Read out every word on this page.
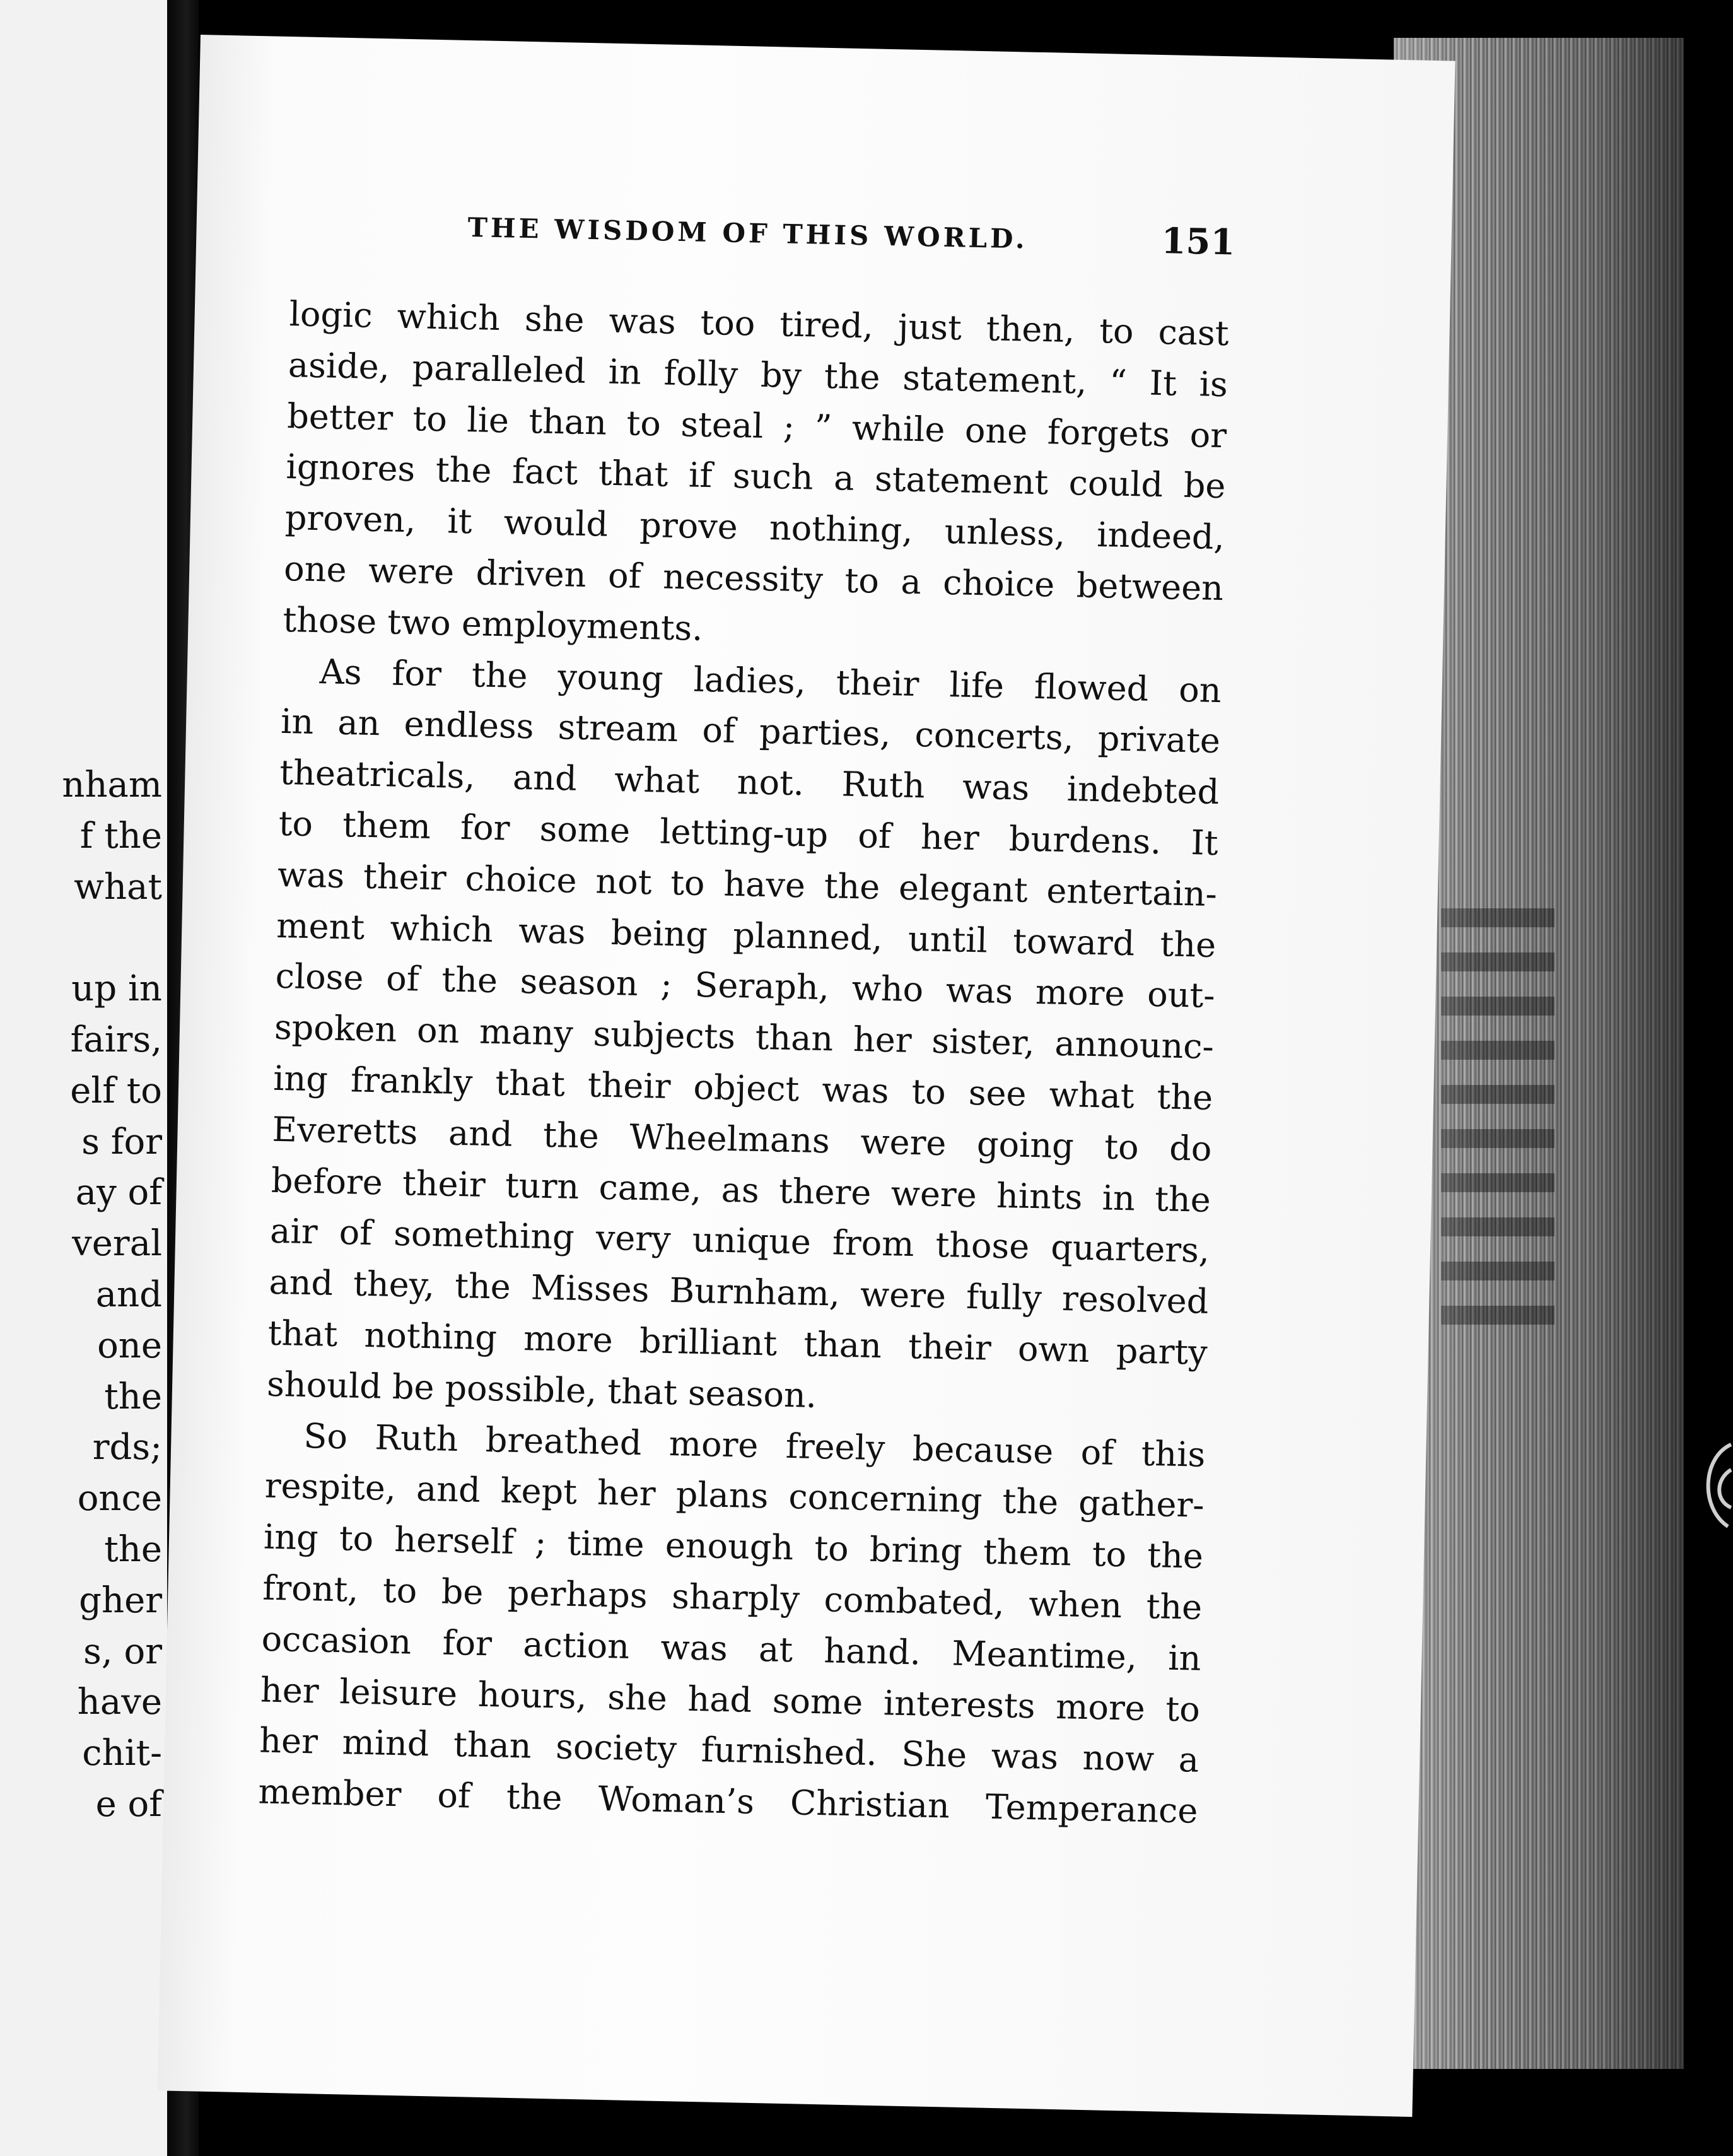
nham
f the
what
up in
fairs,
elf to
s for
ay of
veral
and
one
the
rds;
once
the
gher
s, or
have
chit-
e of
THE WISDOM OF THIS WORLD.	151
logic which she was too tired, just then, to cast
aside, paralleled in folly by the statement, “ It is
better to lie than to steal ; ” while one forgets or
ignores the fact that if such a statement could be
proven, it would prove nothing, unless, indeed,
one were driven of necessity to a choice between
those two employments.
As for the young ladies, their life flowed on
in an endless stream of parties, concerts, private
theatricals, and what not. Ruth was indebted
to them for some letting-up of her burdens. It
was their choice not to have the elegant entertain-
ment which was being planned, until toward the
close of the season ; Seraph, who was more out-
spoken on many subjects than her sister, announc-
ing frankly that their object was to see what the
Everetts and the Wheelmans were going to do
before their turn came, as there were hints in the
air of something very unique from those quarters,
and they, the Misses Burnham, were fully resolved
that nothing more brilliant than their own party
should be possible, that season.
So Ruth breathed more freely because of this
respite, and kept her plans concerning the gather-
ing to herself ; time enough to bring them to the
front, to be perhaps sharply combated, when the
occasion for action was at hand. Meantime, in
her leisure hours, she had some interests more to
her mind than society furnished. She was now a
member of the Woman’s Christian Temperance
